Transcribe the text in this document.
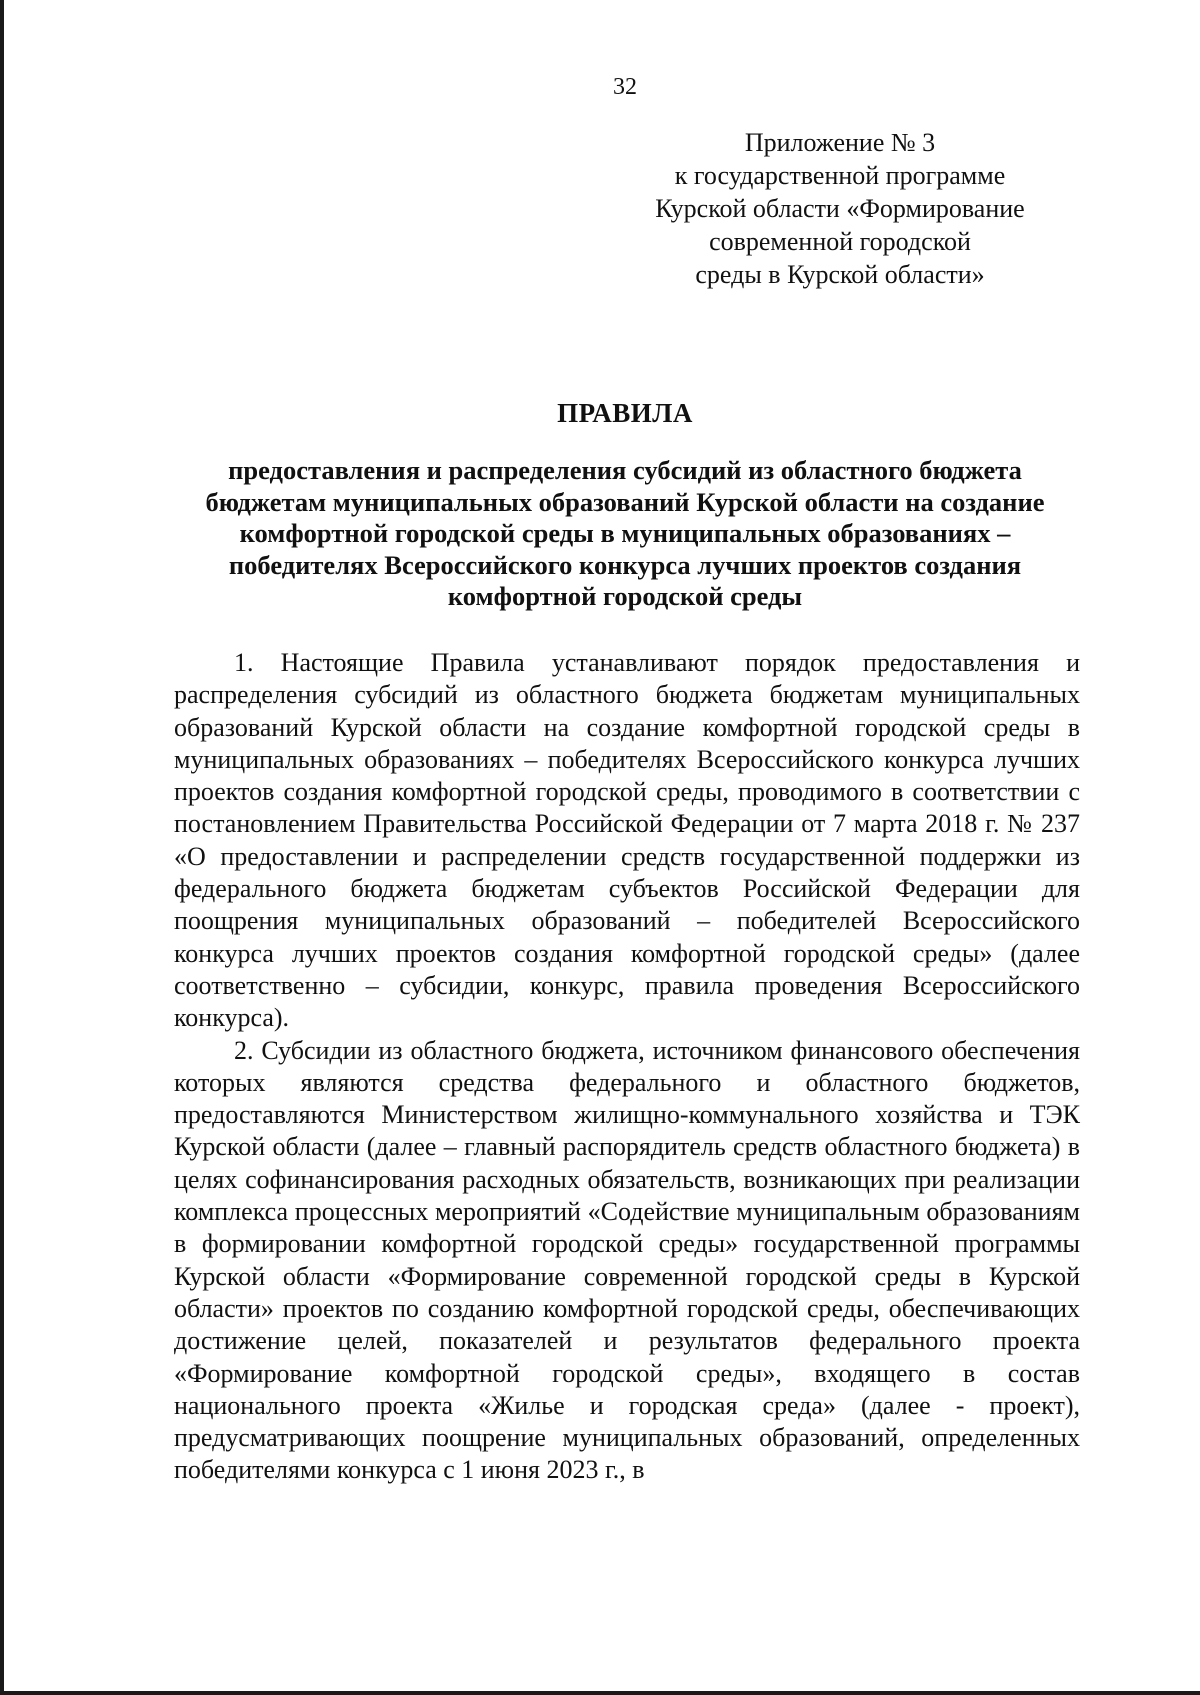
32
Приложение № 3
к государственной программе
Курской области «Формирование
современной городской
среды в Курской области»
ПРАВИЛА
предоставления и распределения субсидий из областного бюджета
бюджетам муниципальных образований Курской области на создание
комфортной городской среды в муниципальных образованиях –
победителях Всероссийского конкурса лучших проектов создания
комфортной городской среды

1. Настоящие Правила устанавливают порядок предоставления и распределения субсидий из областного бюджета бюджетам муниципальных образований Курской области на создание комфортной городской среды в муниципальных образованиях – победителях Всероссийского конкурса лучших проектов создания комфортной городской среды, проводимого в соответствии с постановлением Правительства Российской Федерации от 7 марта 2018 г. № 237 «О предоставлении и распределении средств государственной поддержки из федерального бюджета бюджетам субъектов Российской Федерации для поощрения муниципальных образований – победителей Всероссийского конкурса лучших проектов создания комфортной городской среды» (далее соответственно – субсидии, конкурс, правила проведения Всероссийского конкурса).

2. Субсидии из областного бюджета, источником финансового обеспечения которых являются средства федерального и областного бюджетов, предоставляются Министерством жилищно-коммунального хозяйства и ТЭК Курской области (далее – главный распорядитель средств областного бюджета) в целях софинансирования расходных обязательств, возникающих при реализации комплекса процессных мероприятий «Содействие муниципальным образованиям в формировании комфортной городской среды» государственной программы Курской области «Формирование современной городской среды в Курской области» проектов по созданию комфортной городской среды, обеспечивающих достижение целей, показателей и результатов федерального проекта «Формирование комфортной городской среды», входящего в состав национального проекта «Жилье и городская среда» (далее - проект), предусматривающих поощрение муниципальных образований, определенных победителями конкурса с 1 июня 2023 г., в
